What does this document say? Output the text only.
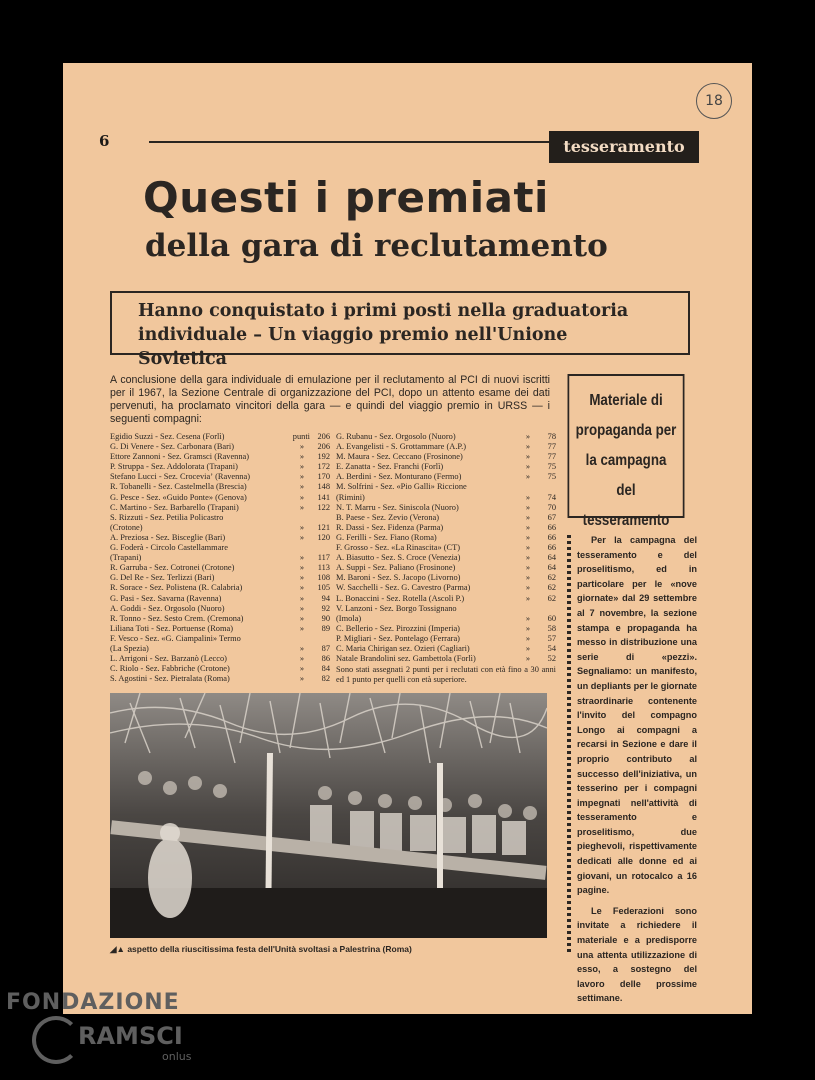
18
6	tesseramento
Questi i premiati
della gara di reclutamento
Hanno conquistato i primi posti nella graduatoria individuale – Un viaggio premio nell'Unione Sovietica
A conclusione della gara individuale di emulazione per il reclutamento al PCI di nuovi iscritti per il 1967, la Sezione Centrale di organizzazione del PCI, dopo un attento esame dei dati pervenuti, ha proclamato vincitori della gara — e quindi del viaggio premio in URSS — i seguenti compagni:
Egidio Suzzi - Sez. Cesena (Forlì)	punti 206
G. Di Venere - Sez. Carbonara (Bari)	»	206
Ettore Zannoni - Sez. Gramsci (Ravenna)	»	192
P. Struppa - Sez. Addolorata (Trapani)	»	172
Stefano Lucci - Sez. Croceviaʼ (Ravenna)	»	170
R. Tobanelli - Sez. Castelmella (Brescia)	»	148
G. Pesce - Sez. «Guido Ponte» (Genova)	»	141
C. Martino - Sez. Barbarello (Trapani)	»	122
S. Rizzuti - Sez. Petilia Policastro
(Crotone)	»	121
A. Preziosa - Sez. Bisceglie (Bari)	»	120
G. Foderà - Circolo Castellammare
(Trapani)	»	117
R. Garruba - Sez. Cotronei (Crotone)	»	113
G. Del Re - Sez. Terlizzi (Bari)	»	108
R. Sorace - Sez. Polistena (R. Calabria)	»	105
G. Pasi - Sez. Savarna (Ravenna)	»	94
A. Goddi - Sez. Orgosolo (Nuoro)	»	92
R. Tonno - Sez. Sesto Crem. (Cremona)	»	90
Liliana Toti - Sez. Portuense (Roma)	»	89
F. Vesco - Sez. «G. Ciampalini» Termo
(La Spezia)	»	87
L. Arrigoni - Sez. Barzanò (Lecco)	»	86
C. Riolo - Sez. Fabbriche (Crotone)	»	84
S. Agostini - Sez. Pietralata (Roma)	»	82
G. Rubanu - Sez. Orgosolo (Nuoro)	»	78
A. Evangelisti - S. Grottammare (A.P.)	»	77
M. Maura - Sez. Ceccano (Frosinone)	»	77
E. Zanatta - Sez. Franchi (Forlì)	»	75
A. Berdini - Sez. Monturano (Fermo)	»	75
M. Solfrini - Sez. «Pio Galli» Riccione
(Rimini)	»	74
N. T. Marru - Sez. Siniscola (Nuoro)	»	70
B. Paese - Sez. Zevio (Verona)	»	67
R. Dassi - Sez. Fidenza (Parma)	»	66
G. Ferilli - Sez. Fiano (Roma)	»	66
F. Grosso - Sez. «La Rinascita» (CT)	»	66
A. Biasutto - Sez. S. Croce (Venezia)	»	64
A. Suppi - Sez. Paliano (Frosinone)	»	64
M. Baroni - Sez. S. Jacopo (Livorno)	»	62
W. Sacchelli - Sez. G. Cavestro (Parma)	»	62
L. Bonaccini - Sez. Rotella (Ascoli P.)	»	62
V. Lanzoni - Sez. Borgo Tossignano
(Imola)	»	60
C. Bellerio - Sez. Pirozzini (Imperia)	»	58
P. Migliari - Sez. Pontelago (Ferrara)	»	57
C. Maria Chirigan sez. Ozieri (Cagliari)	»	54
Natale Brandolini sez. Gambettola (Forlì)	»	52
Sono stati assegnati 2 punti per i reclutati con età fino a 30 anni ed 1 punto per quelli con età superiore.
◢▲ aspetto della riuscitissima festa dell'Unità svoltasi a Palestrina (Roma)
Materiale di propaganda per la campagna del tesseramento

Per la campagna del tesseramento e del proselitismo, ed in particolare per le «nove giornate» dal 29 settembre al 7 novembre, la sezione stampa e propaganda ha messo in distribuzione una serie di «pezzi». Segnaliamo: un manifesto, un depliants per le giornate straordinarie contenente l'invito del compagno Longo ai compagni a recarsi in Sezione e dare il proprio contributo al successo dell'iniziativa, un tesserino per i compagni impegnati nell'attività di tesseramento e proselitismo, due pieghevoli, rispettivamente dedicati alle donne ed ai giovani, un rotocalco a 16 pagine.

Le Federazioni sono invitate a richiedere il materiale e a predisporre una attenta utilizzazione di esso, a sostegno del lavoro delle prossime settimane.

FONDAZIONE
RAMSCI
onlus
